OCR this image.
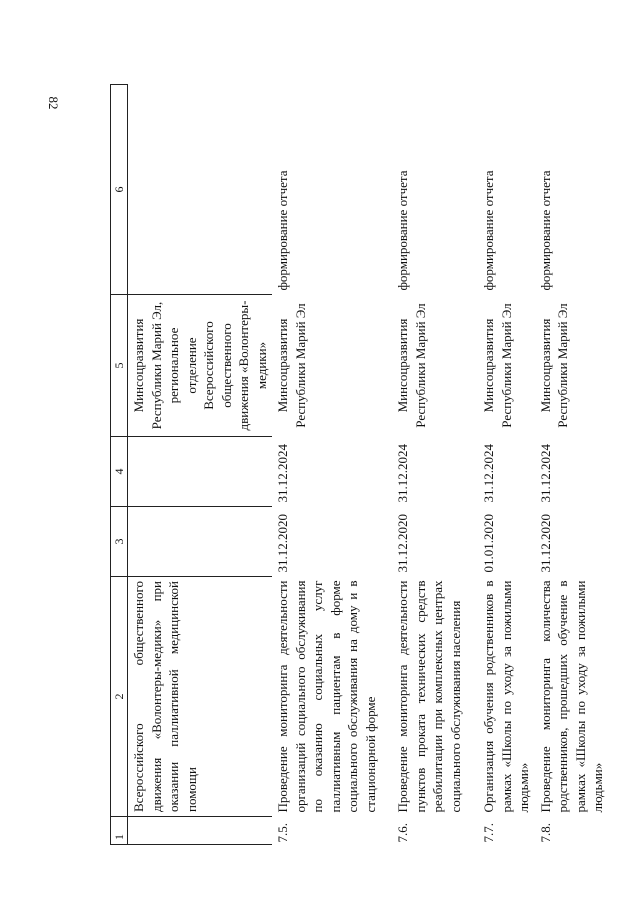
82
1	2	3	4	5	6
	Всероссийского общественного движения «Волонтеры-медики» при оказании паллиативной медицинской помощи			Минсоцразвития Республики Марий Эл, региональное отделение Всероссийского общественного движения «Волонтеры-медики»	
7.5.	Проведение мониторинга деятельности организаций социального обслуживания по оказанию социальных услуг паллиативным пациентам в форме социального обслуживания на дому и в стационарной форме	31.12.2020	31.12.2024	Минсоцразвития Республики Марий Эл	формирование отчета
7.6.	Проведение мониторинга деятельности пунктов проката технических средств реабилитации при комплексных центрах социального обслуживания населения	31.12.2020	31.12.2024	Минсоцразвития Республики Марий Эл	формирование отчета
7.7.	Организация обучения родственников в рамках «Школы по уходу за пожилыми людьми»	01.01.2020	31.12.2024	Минсоцразвития Республики Марий Эл	формирование отчета
7.8.	Проведение мониторинга количества родственников, прошедших обучение в рамках «Школы по уходу за пожилыми людьми»	31.12.2020	31.12.2024	Минсоцразвития Республики Марий Эл	формирование отчета
